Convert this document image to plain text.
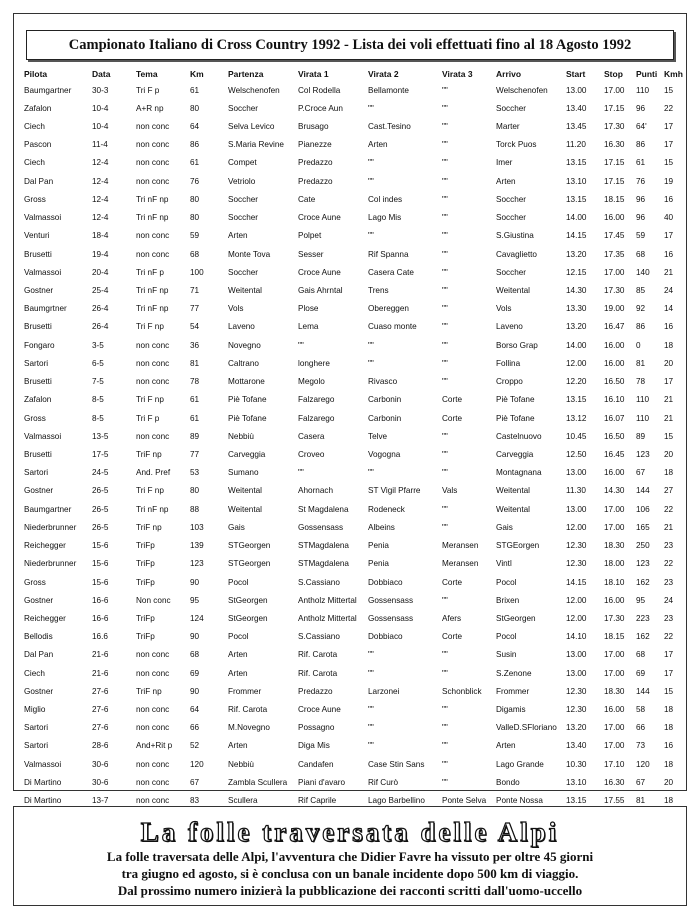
Campionato Italiano di Cross Country 1992 - Lista dei voli effettuati fino al 18 Agosto 1992
Pilota	Data	Tema	Km	Partenza	Virata 1	Virata 2	Virata 3	Arrivo	Start	Stop	Punti	Kmh
Baumgartner	30-3	Tri F p	61	Welschenofen	Col Rodella	Bellamonte	""	Welschenofen	13.00	17.00	110	15
Zafalon	10-4	A+R np	80	Soccher	P.Croce Aun	""	""	Soccher	13.40	17.15	96	22
Ciech	10-4	non conc	64	Selva Levico	Brusago	Cast.Tesino	""	Marter	13.45	17.30	64'	17
Pascon	11-4	non conc	86	S.Maria Revine	Pianezze	Arten	""	Torck Puos	11.20	16.30	86	17
Ciech	12-4	non conc	61	Compet	Predazzo	""	""	Imer	13.15	17.15	61	15
Dal Pan	12-4	non conc	76	Vetriolo	Predazzo	""	""	Arten	13.10	17.15	76	19
Gross	12-4	Tri nF np	80	Soccher	Cate	Col indes	""	Soccher	13.15	18.15	96	16
Valmassoi	12-4	Tri nF np	80	Soccher	Croce Aune	Lago Mis	""	Soccher	14.00	16.00	96	40
Venturi	18-4	non conc	59	Arten	Polpet	""	""	S.Giustina	14.15	17.45	59	17
Brusetti	19-4	non conc	68	Monte Tova	Sesser	Rif Spanna	""	Cavaglietto	13.20	17.35	68	16
Valmassoi	20-4	Tri nF p	100	Soccher	Croce Aune	Casera Cate	""	Soccher	12.15	17.00	140	21
Gostner	25-4	Tri nF np	71	Weitental	Gais Ahrntal	Trens	""	Weitental	14.30	17.30	85	24
Baumgrtner	26-4	Tri nF np	77	Vols	Plose	Obereggen	""	Vols	13.30	19.00	92	14
Brusetti	26-4	Tri F np	54	Laveno	Lema	Cuaso monte	""	Laveno	13.20	16.47	86	16
Fongaro	3-5	non conc	36	Novegno	""	""	""	Borso Grap	14.00	16.00	0	18
Sartori	6-5	non conc	81	Caltrano	longhere	""	""	Follina	12.00	16.00	81	20
Brusetti	7-5	non conc	78	Mottarone	Megolo	Rivasco	""	Croppo	12.20	16.50	78	17
Zafalon	8-5	Tri F np	61	Piè Tofane	Falzarego	Carbonin	Corte	Piè Tofane	13.15	16.10	110	21
Gross	8-5	Tri F p	61	Piè Tofane	Falzarego	Carbonin	Corte	Piè Tofane	13.12	16.07	110	21
Valmassoi	13-5	non conc	89	Nebbiù	Casera	Telve	""	Castelnuovo	10.45	16.50	89	15
Brusetti	17-5	TriF np	77	Carveggia	Croveo	Vogogna	""	Carveggia	12.50	16.45	123	20
Sartori	24-5	And. Pref	53	Sumano	""	""	""	Montagnana	13.00	16.00	67	18
Gostner	26-5	Tri F np	80	Weitental	Ahornach	ST Vigil Pfarre	Vals	Weitental	11.30	14.30	144	27
Baumgartner	26-5	Tri nF np	88	Weitental	St Magdalena	Rodeneck	""	Weitental	13.00	17.00	106	22
Niederbrunner	26-5	TriF np	103	Gais	Gossensass	Albeins	""	Gais	12.00	17.00	165	21
Reichegger	15-6	TriFp	139	STGeorgen	STMagdalena	Penia	Meransen	STGEorgen	12.30	18.30	250	23
Niederbrunner	15-6	TriFp	123	STGeorgen	STMagdalena	Penia	Meransen	Vintl	12.30	18.00	123	22
Gross	15-6	TriFp	90	Pocol	S.Cassiano	Dobbiaco	Corte	Pocol	14.15	18.10	162	23
Gostner	16-6	Non conc	95	StGeorgen	Antholz Mittertal	Gossensass	""	Brixen	12.00	16.00	95	24
Reichegger	16-6	TriFp	124	StGeorgen	Antholz Mittertal	Gossensass	Afers	StGeorgen	12.00	17.30	223	23
Bellodis	16.6	TriFp	90	Pocol	S.Cassiano	Dobbiaco	Corte	Pocol	14.10	18.15	162	22
Dal Pan	21-6	non conc	68	Arten	Rif. Carota	""	""	Susin	13.00	17.00	68	17
Ciech	21-6	non conc	69	Arten	Rif. Carota	""	""	S.Zenone	13.00	17.00	69	17
Gostner	27-6	TriF np	90	Frommer	Predazzo	Larzonei	Schonblick	Frommer	12.30	18.30	144	15
Miglio	27-6	non conc	64	Rif. Carota	Croce Aune	""	""	Digamis	12.30	16.00	58	18
Sartori	27-6	non conc	66	M.Novegno	Possagno	""	""	ValleD.SFloriano	13.20	17.00	66	18
Sartori	28-6	And+Rit p	52	Arten	Diga Mis	""	""	Arten	13.40	17.00	73	16
Valmassoi	30-6	non conc	120	Nebbiù	Candafen	Case Stin Sans	""	Lago Grande	10.30	17.10	120	18
Di Martino	30-6	non conc	67	Zambla Scullera	Piani d'avaro	Rif Curò	""	Bondo	13.10	16.30	67	20
Di Martino	13-7	non conc	83	Scullera	Rif Caprile	Lago Barbellino	Ponte Selva	Ponte Nossa	13.15	17.55	81	18
La folle traversata delle Alpi
La folle traversata delle Alpi, l'avventura che Didier Favre ha vissuto per oltre 45 giorni
tra giugno ed agosto, si è conclusa con un banale incidente dopo 500 km di viaggio.
Dal prossimo numero inizierà la pubblicazione dei racconti scritti dall'uomo-uccello
